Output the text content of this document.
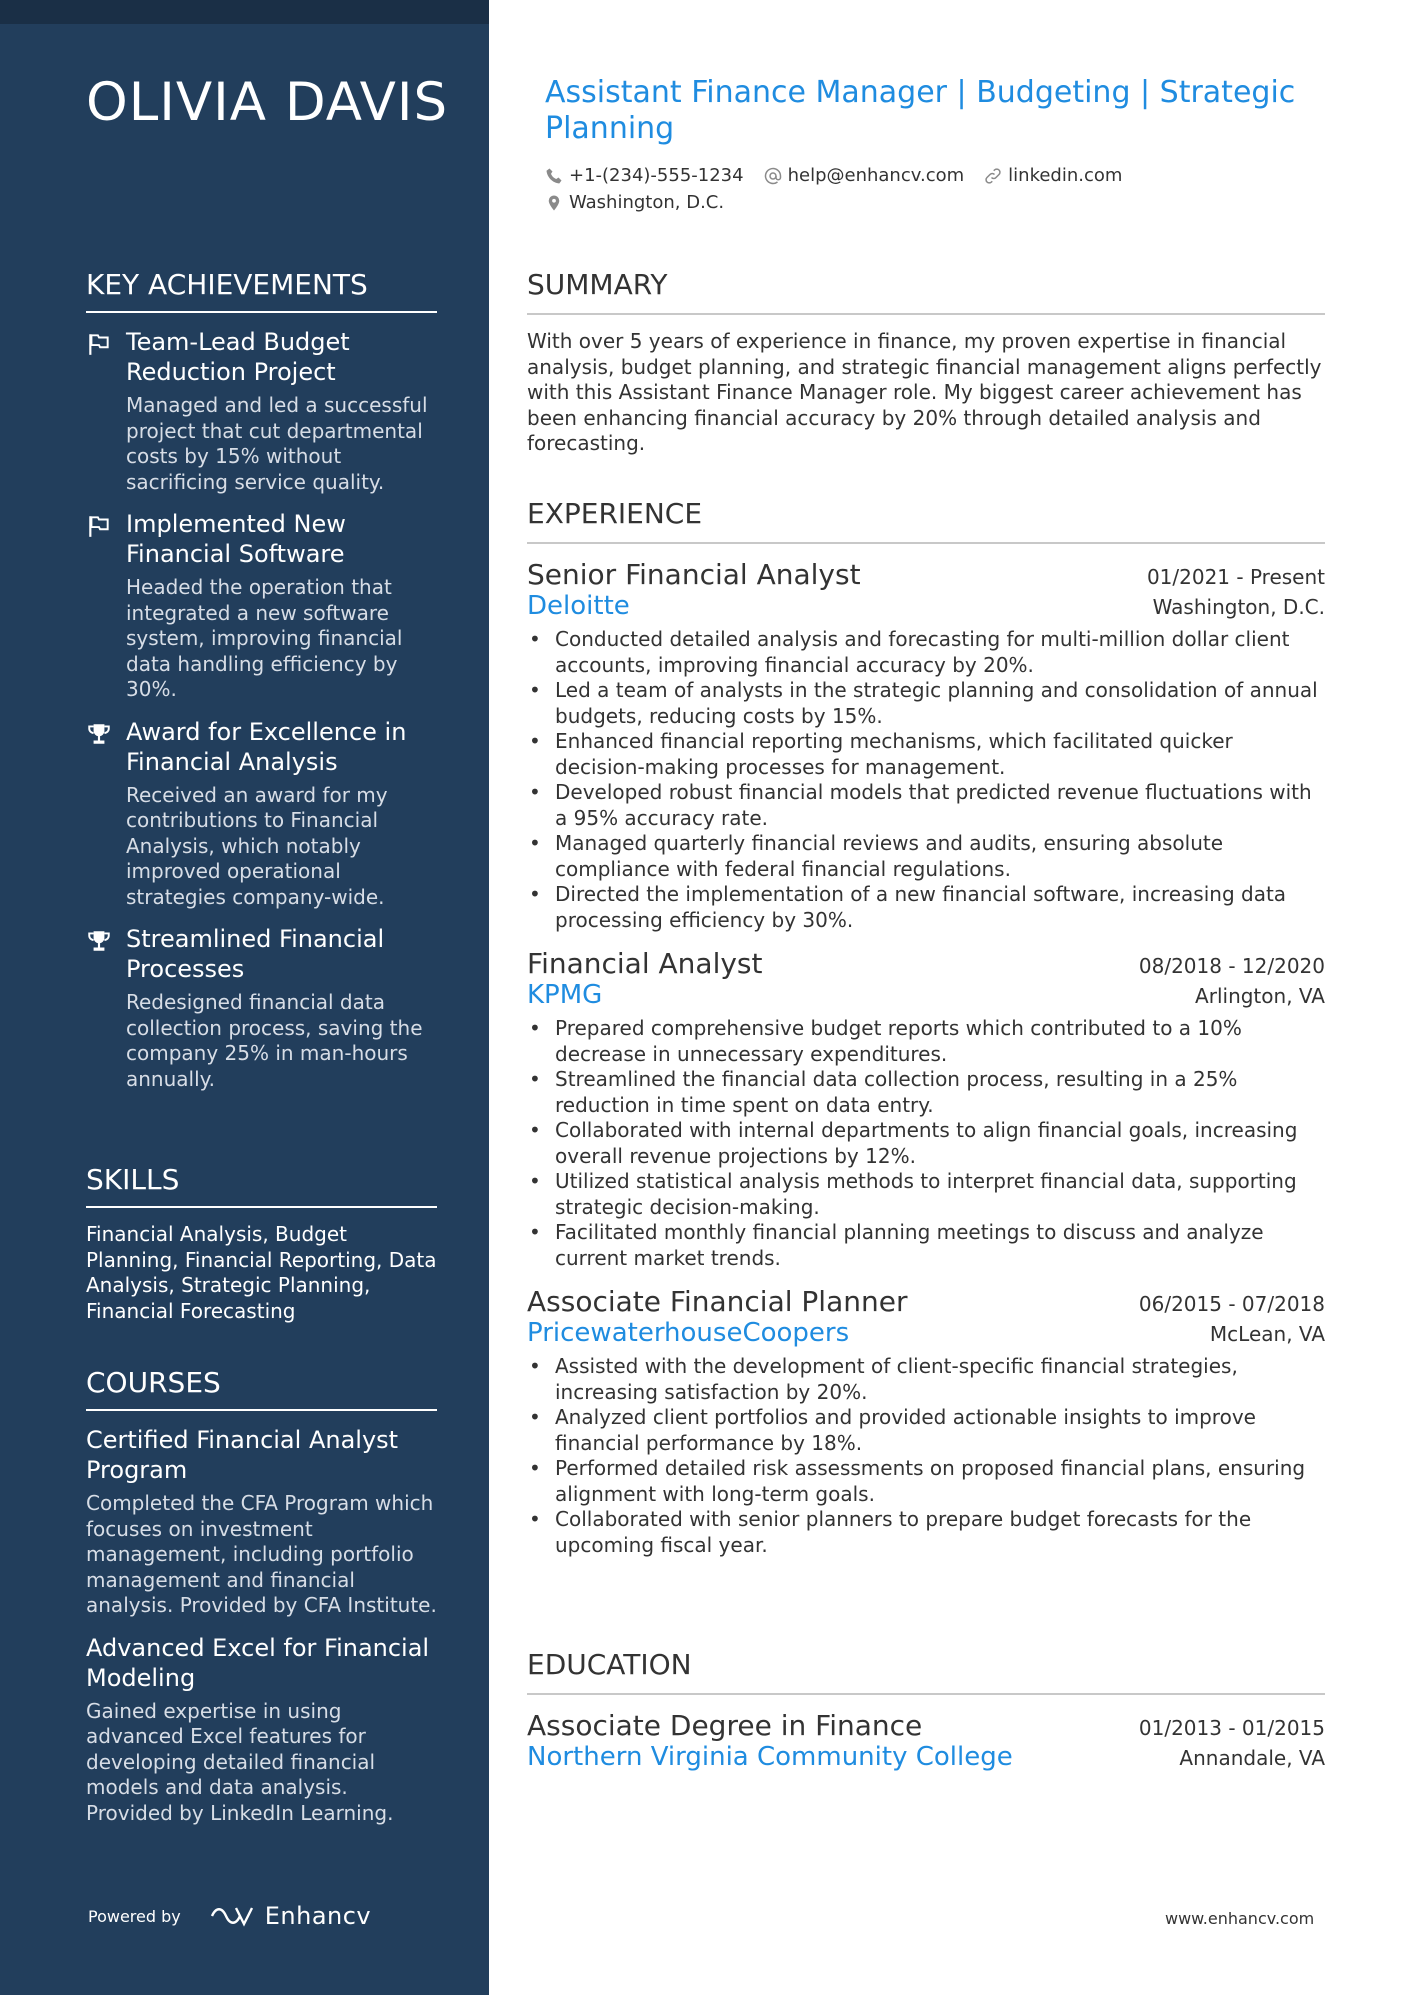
OLIVIA DAVIS
KEY ACHIEVEMENTS
Team-Lead Budget Reduction Project
Managed and led a successful project that cut departmental costs by 15% without sacrificing service quality.
Implemented New Financial Software
Headed the operation that integrated a new software system, improving financial data handling efficiency by 30%.
Award for Excellence in Financial Analysis
Received an award for my contributions to Financial Analysis, which notably improved operational strategies company-wide.
Streamlined Financial Processes
Redesigned financial data collection process, saving the company 25% in man-hours annually.
SKILLS
Financial Analysis, Budget Planning, Financial Reporting, Data Analysis, Strategic Planning, Financial Forecasting
COURSES
Certified Financial Analyst Program
Completed the CFA Program which focuses on investment management, including portfolio management and financial analysis. Provided by CFA Institute.
Advanced Excel for Financial Modeling
Gained expertise in using advanced Excel features for developing detailed financial models and data analysis. Provided by LinkedIn Learning.
Powered by	Enhancv
Assistant Finance Manager | Budgeting | Strategic Planning
+1-(234)-555-1234 help@enhancv.com linkedin.com
Washington, D.C.
SUMMARY
With over 5 years of experience in finance, my proven expertise in financial analysis, budget planning, and strategic financial management aligns perfectly with this Assistant Finance Manager role. My biggest career achievement has been enhancing financial accuracy by 20% through detailed analysis and forecasting.
EXPERIENCE
Senior Financial Analyst	01/2021 - Present
Deloitte	Washington, D.C.
• Conducted detailed analysis and forecasting for multi-million dollar client accounts, improving financial accuracy by 20%.
• Led a team of analysts in the strategic planning and consolidation of annual budgets, reducing costs by 15%.
• Enhanced financial reporting mechanisms, which facilitated quicker decision-making processes for management.
• Developed robust financial models that predicted revenue fluctuations with a 95% accuracy rate.
• Managed quarterly financial reviews and audits, ensuring absolute compliance with federal financial regulations.
• Directed the implementation of a new financial software, increasing data processing efficiency by 30%.
Financial Analyst	08/2018 - 12/2020
KPMG	Arlington, VA
• Prepared comprehensive budget reports which contributed to a 10% decrease in unnecessary expenditures.
• Streamlined the financial data collection process, resulting in a 25% reduction in time spent on data entry.
• Collaborated with internal departments to align financial goals, increasing overall revenue projections by 12%.
• Utilized statistical analysis methods to interpret financial data, supporting strategic decision-making.
• Facilitated monthly financial planning meetings to discuss and analyze current market trends.
Associate Financial Planner	06/2015 - 07/2018
PricewaterhouseCoopers	McLean, VA
• Assisted with the development of client-specific financial strategies, increasing satisfaction by 20%.
• Analyzed client portfolios and provided actionable insights to improve financial performance by 18%.
• Performed detailed risk assessments on proposed financial plans, ensuring alignment with long-term goals.
• Collaborated with senior planners to prepare budget forecasts for the upcoming fiscal year.
EDUCATION
Associate Degree in Finance	01/2013 - 01/2015
Northern Virginia Community College	Annandale, VA
www.enhancv.com
